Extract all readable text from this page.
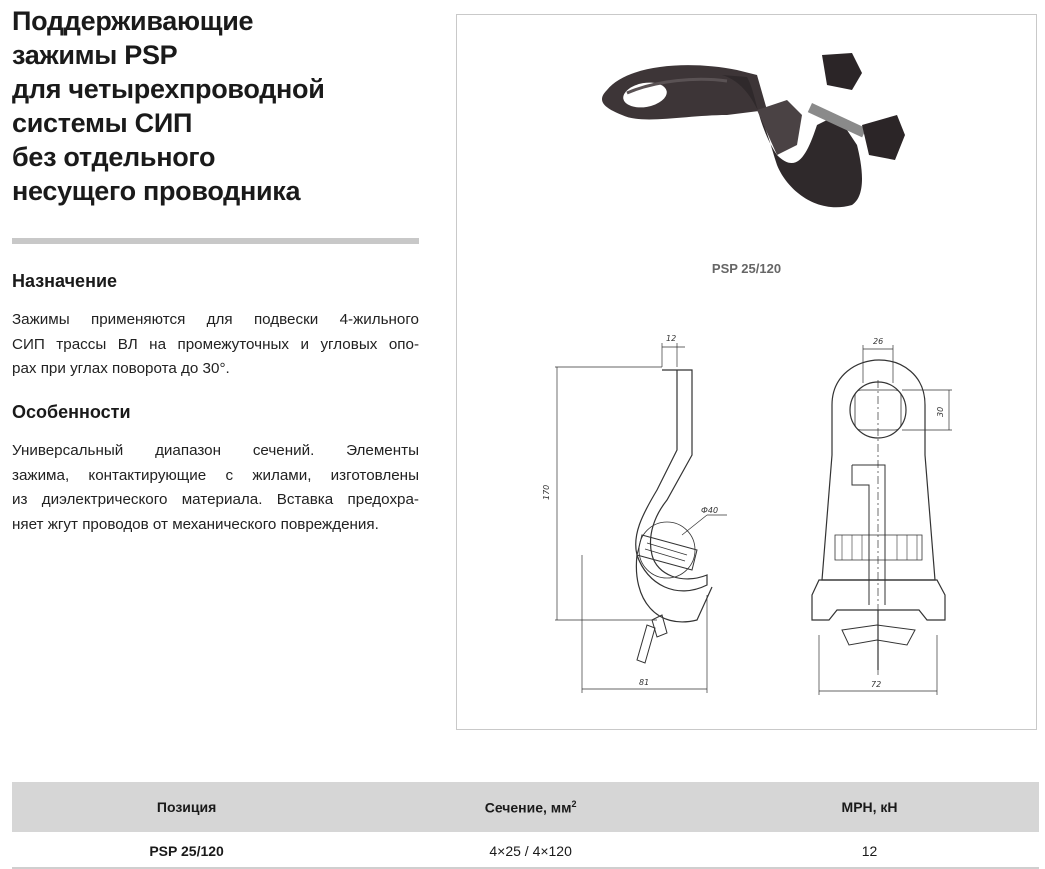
Поддерживающие
зажимы PSP
для четырехпроводной
системы СИП
без отдельного
несущего проводника
Назначение
Зажимы применяются для подвески 4-жильного
СИП трассы ВЛ на промежуточных и угловых опо-
рах при углах поворота до 30°.
Особенности
Универсальный диапазон сечений. Элементы
зажима, контактирующие с жилами, изготовлены
из диэлектрического материала. Вставка предохра-
няет жгут проводов от механического повреждения.
12
170
Ф40
81
26
30
72
PSP 25/120
Позиция	Сечение, $мм^2$	MPH, кН
PSP 25/120	4×25 / 4×120	12
